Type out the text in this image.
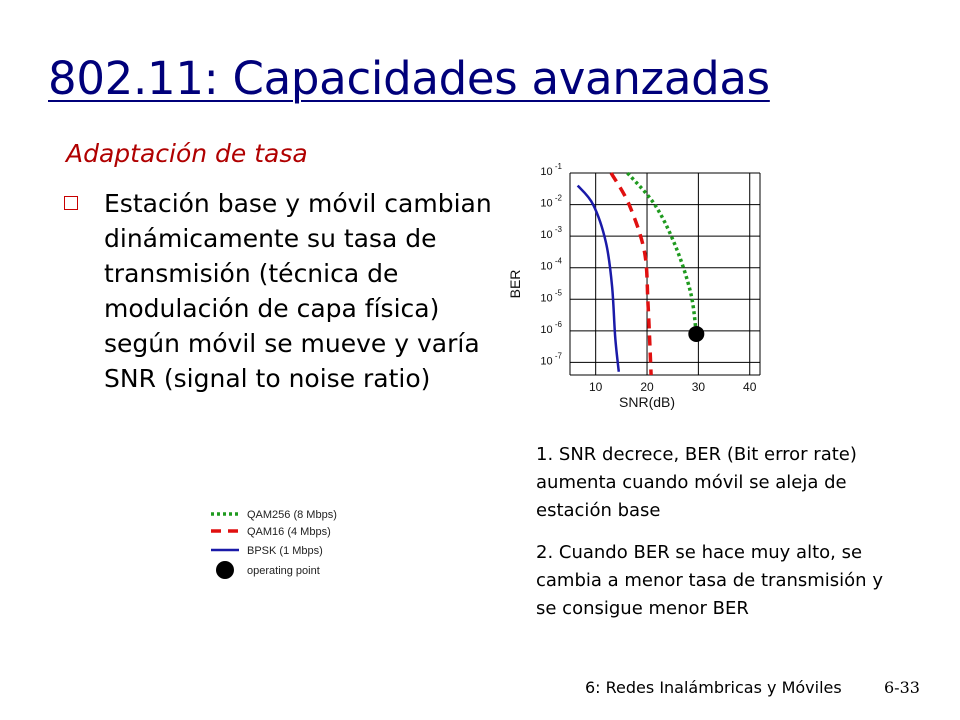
802.11: Capacidades avanzadas
Adaptación de tasa
Estación base y móvil cambian dinámicamente su tasa de transmisión (técnica de modulación de capa física) según móvil se mueve y varía SNR (signal to noise ratio)
10 $^{-1}$
10 $^{-2}$
10 $^{-3}$
10 $^{-4}$
10 $^{-5}$
10 $^{-6}$
10 $^{-7}$
10	20	30	40
BER
SNR(dB)
QAM256 (8 Mbps)
QAM16 (4 Mbps)
BPSK (1 Mbps)
operating point
1. SNR decrece, BER (Bit error rate) aumenta cuando móvil se aleja de estación base
2. Cuando BER se hace muy alto, se cambia a menor tasa de transmisión y se consigue menor BER
6: Redes Inalámbricas y Móviles	6-33
